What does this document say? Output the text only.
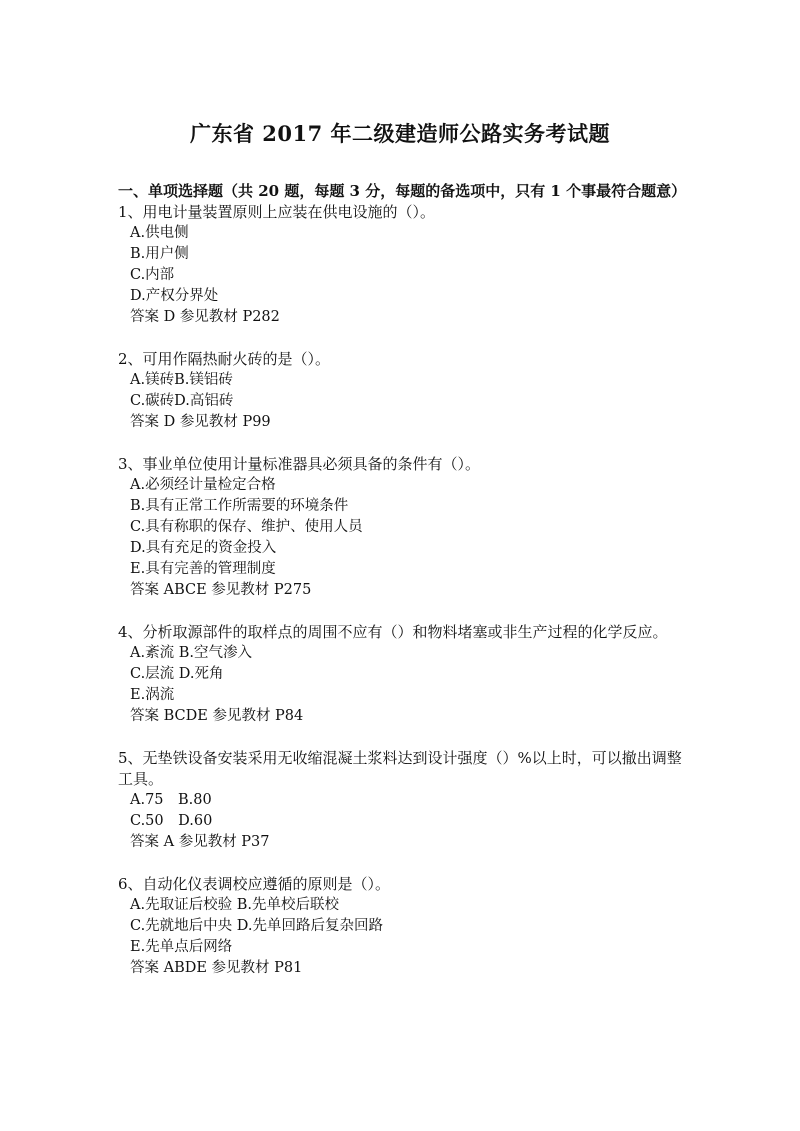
广东省 2017 年二级建造师公路实务考试题
一、单项选择题（共 20 题，每题 3 分，每题的备选项中，只有 1 个事最符合题意）
1、用电计量装置原则上应装在供电设施的（）。
A.供电侧
B.用户侧
C.内部
D.产权分界处
答案 D 参见教材 P282
2、可用作隔热耐火砖的是（）。
A.镁砖B.镁铝砖
C.碳砖D.高铝砖
答案 D 参见教材 P99
3、事业单位使用计量标准器具必须具备的条件有（）。
A.必须经计量检定合格
B.具有正常工作所需要的环境条件
C.具有称职的保存、维护、使用人员
D.具有充足的资金投入
E.具有完善的管理制度
答案 ABCE 参见教材 P275
4、分析取源部件的取样点的周围不应有（）和物料堵塞或非生产过程的化学反应。
A.紊流 B.空气渗入
C.层流 D.死角
E.涡流
答案 BCDE 参见教材 P84
5、无垫铁设备安装采用无收缩混凝土浆料达到设计强度（）%以上时，可以撤出调整工具。
A.75　B.80
C.50　D.60
答案 A 参见教材 P37
6、自动化仪表调校应遵循的原则是（）。
A.先取证后校验 B.先单校后联校
C.先就地后中央 D.先单回路后复杂回路
E.先单点后网络
答案 ABDE 参见教材 P81
